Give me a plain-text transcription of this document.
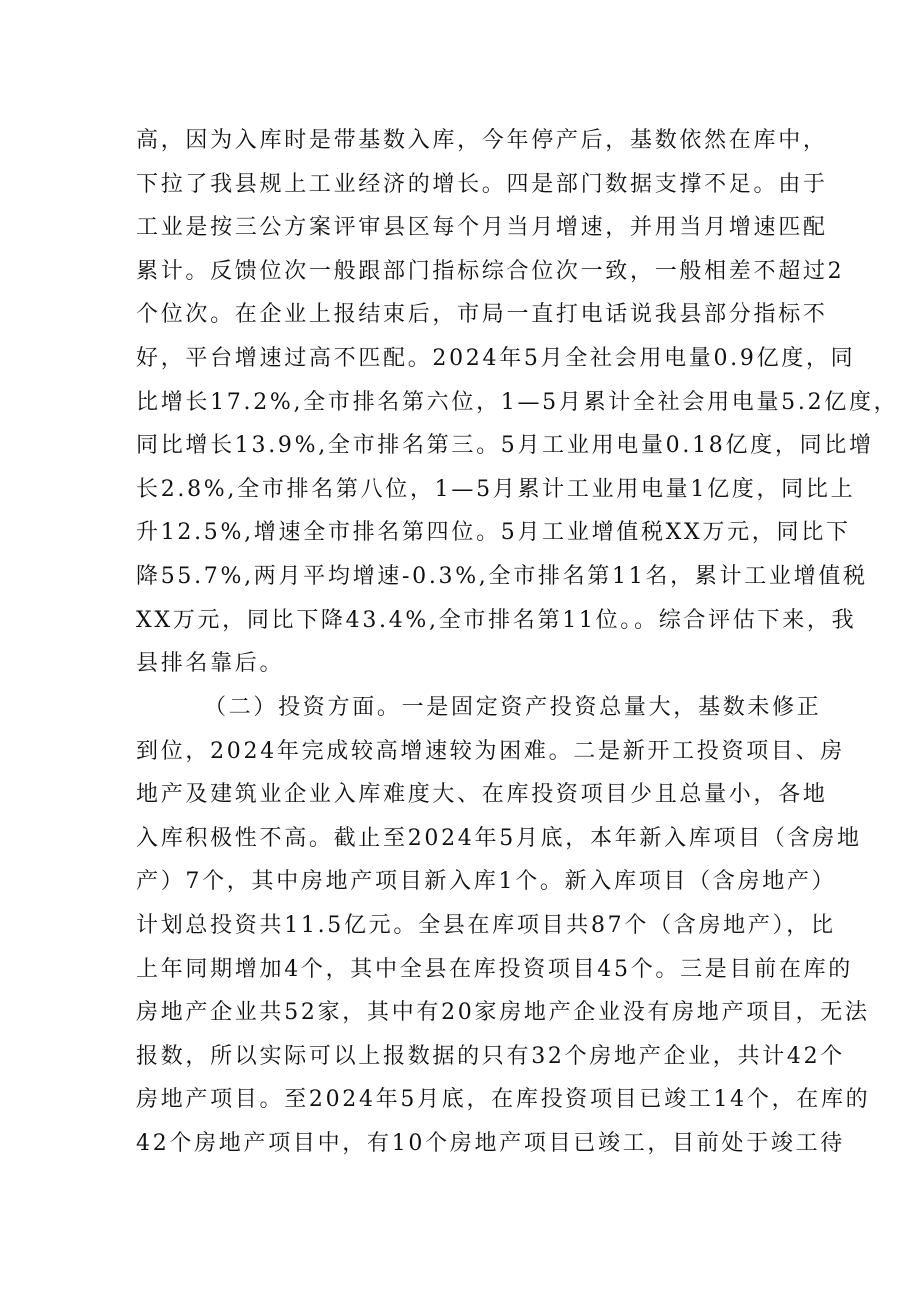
高，因为入库时是带基数入库，今年停产后，基数依然在库中，
下拉了我县规上工业经济的增长。四是部门数据支撑不足。由于
工业是按三公方案评审县区每个月当月增速，并用当月增速匹配
累计。反馈位次一般跟部门指标综合位次一致，一般相差不超过2
个位次。在企业上报结束后，市局一直打电话说我县部分指标不
好，平台增速过高不匹配。2024年5月全社会用电量0.9亿度，同
比增长17.2%,全市排名第六位，1—5月累计全社会用电量5.2亿度，
同比增长13.9%,全市排名第三。5月工业用电量0.18亿度，同比增
长2.8%,全市排名第八位，1—5月累计工业用电量1亿度，同比上
升12.5%,增速全市排名第四位。5月工业增值税XX万元，同比下
降55.7%,两月平均增速-0.3%,全市排名第11名，累计工业增值税
XX万元，同比下降43.4%,全市排名第11位。。综合评估下来，我
县排名靠后。
（二）投资方面。一是固定资产投资总量大，基数未修正
到位，2024年完成较高增速较为困难。二是新开工投资项目、房
地产及建筑业企业入库难度大、在库投资项目少且总量小，各地
入库积极性不高。截止至2024年5月底，本年新入库项目（含房地
产）7个，其中房地产项目新入库1个。新入库项目（含房地产）
计划总投资共11.5亿元。全县在库项目共87个（含房地产），比
上年同期增加4个，其中全县在库投资项目45个。三是目前在库的
房地产企业共52家，其中有20家房地产企业没有房地产项目，无法
报数，所以实际可以上报数据的只有32个房地产企业，共计42个
房地产项目。至2024年5月底，在库投资项目已竣工14个，在库的
42个房地产项目中，有10个房地产项目已竣工，目前处于竣工待
